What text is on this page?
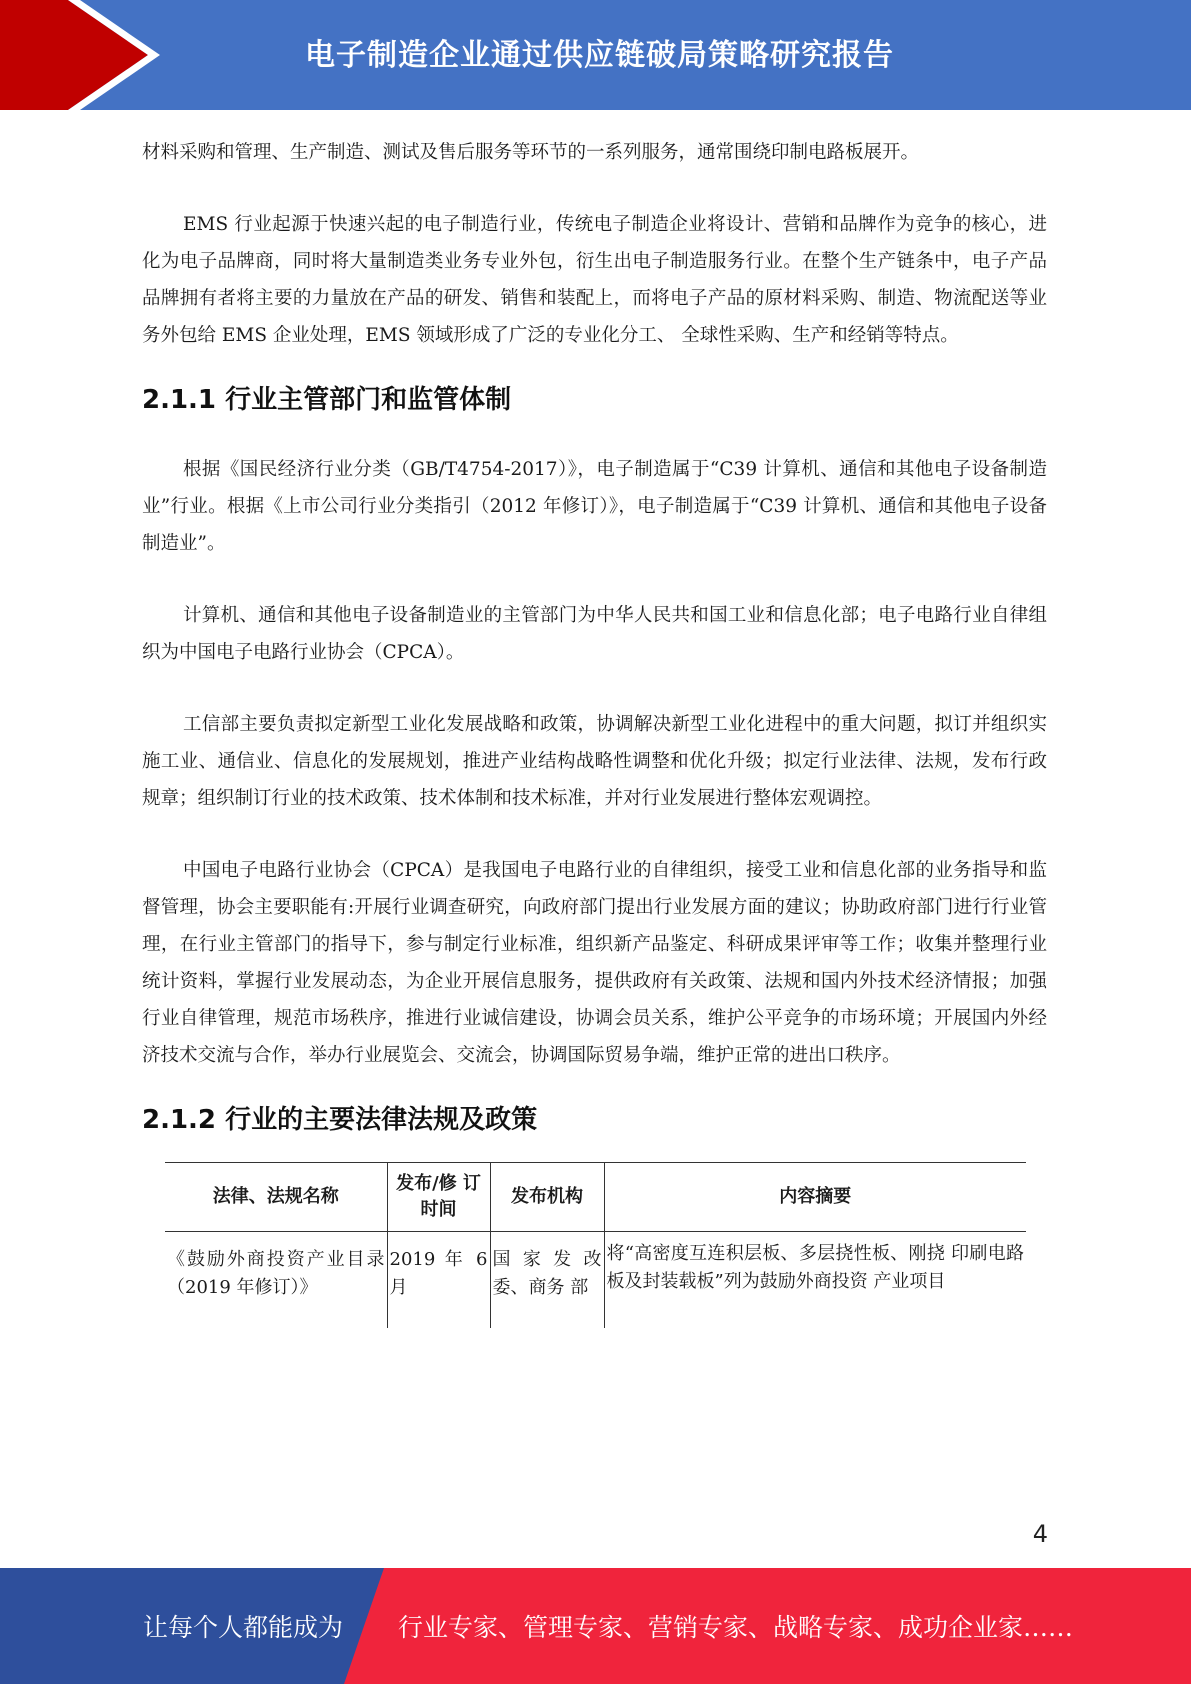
电子制造企业通过供应链破局策略研究报告

材料采购和管理、生产制造、测试及售后服务等环节的一系列服务，通常围绕印制电路板展开。

EMS 行业起源于快速兴起的电子制造行业，传统电子制造企业将设计、营销和品牌作为竞争的核心，进化为电子品牌商，同时将大量制造类业务专业外包，衍生出电子制造服务行业。在整个生产链条中，电子产品品牌拥有者将主要的力量放在产品的研发、销售和装配上，而将电子产品的原材料采购、制造、物流配送等业务外包给 EMS 企业处理，EMS 领域形成了广泛的专业化分工、 全球性采购、生产和经销等特点。

2.1.1 行业主管部门和监管体制

根据《国民经济行业分类（GB/T4754-2017）》，电子制造属于“C39 计算机、通信和其他电子设备制造业”行业。根据《上市公司行业分类指引（2012 年修订）》，电子制造属于“C39 计算机、通信和其他电子设备制造业”。

计算机、通信和其他电子设备制造业的主管部门为中华人民共和国工业和信息化部；电子电路行业自律组织为中国电子电路行业协会（CPCA）。

工信部主要负责拟定新型工业化发展战略和政策，协调解决新型工业化进程中的重大问题，拟订并组织实施工业、通信业、信息化的发展规划，推进产业结构战略性调整和优化升级；拟定行业法律、法规，发布行政规章；组织制订行业的技术政策、技术体制和技术标准，并对行业发展进行整体宏观调控。

中国电子电路行业协会（CPCA）是我国电子电路行业的自律组织，接受工业和信息化部的业务指导和监督管理，协会主要职能有:开展行业调查研究，向政府部门提出行业发展方面的建议；协助政府部门进行行业管理，在行业主管部门的指导下，参与制定行业标准，组织新产品鉴定、科研成果评审等工作；收集并整理行业统计资料，掌握行业发展动态，为企业开展信息服务，提供政府有关政策、法规和国内外技术经济情报；加强行业自律管理，规范市场秩序，推进行业诚信建设，协调会员关系，维护公平竞争的市场环境；开展国内外经济技术交流与合作，举办行业展览会、交流会，协调国际贸易争端，维护正常的进出口秩序。

2.1.2 行业的主要法律法规及政策
法律、法规名称	发布/修 订时间	发布机构	内容摘要
《鼓励外商投资产业目录（2019 年修订）》	2019 年 6 月	国 家 发 改 委、商务 部	将“高密度互连积层板、多层挠性板、刚挠 印刷电路板及封装载板”列为鼓励外商投资 产业项目
4
让每个人都能成为 行业专家、管理专家、营销专家、战略专家、成功企业家……
